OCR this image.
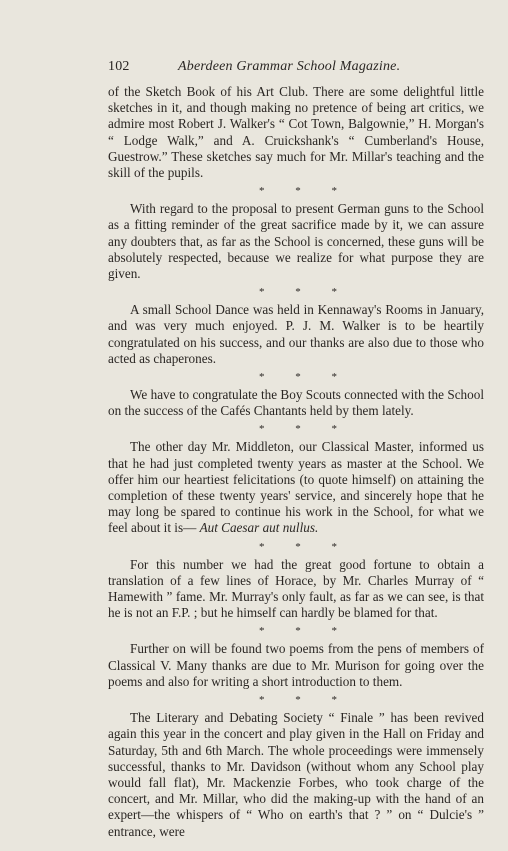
102	Aberdeen Grammar School Magazine.

of the Sketch Book of his Art Club. There are some delightful little sketches in it, and though making no pretence of being art critics, we admire most Robert J. Walker's “ Cot Town, Balgownie,” H. Morgan's “ Lodge Walk,” and A. Cruickshank's “ Cumberland's House, Guestrow.” These sketches say much for Mr. Millar's teaching and the skill of the pupils.

* * *

With regard to the proposal to present German guns to the School as a fitting reminder of the great sacrifice made by it, we can assure any doubters that, as far as the School is concerned, these guns will be absolutely respected, because we realize for what purpose they are given.

* * *

A small School Dance was held in Kennaway's Rooms in January, and was very much enjoyed. P. J. M. Walker is to be heartily congratulated on his success, and our thanks are also due to those who acted as chaperones.

* * *

We have to congratulate the Boy Scouts connected with the School on the success of the Cafés Chantants held by them lately.

* * *

The other day Mr. Middleton, our Classical Master, informed us that he had just completed twenty years as master at the School. We offer him our heartiest felicitations (to quote himself) on attaining the completion of these twenty years' service, and sincerely hope that he may long be spared to continue his work in the School, for what we feel about it is— Aut Caesar aut nullus.

* * *

For this number we had the great good fortune to obtain a translation of a few lines of Horace, by Mr. Charles Murray of “ Hamewith ” fame. Mr. Murray's only fault, as far as we can see, is that he is not an F.P. ; but he himself can hardly be blamed for that.

* * *

Further on will be found two poems from the pens of members of Classical V. Many thanks are due to Mr. Murison for going over the poems and also for writing a short introduction to them.

* * *

The Literary and Debating Society “ Finale ” has been revived again this year in the concert and play given in the Hall on Friday and Saturday, 5th and 6th March. The whole proceedings were immensely successful, thanks to Mr. Davidson (without whom any School play would fall flat), Mr. Mackenzie Forbes, who took charge of the concert, and Mr. Millar, who did the making-up with the hand of an expert—the whispers of “ Who on earth's that ? ” on “ Dulcie's ” entrance, were
